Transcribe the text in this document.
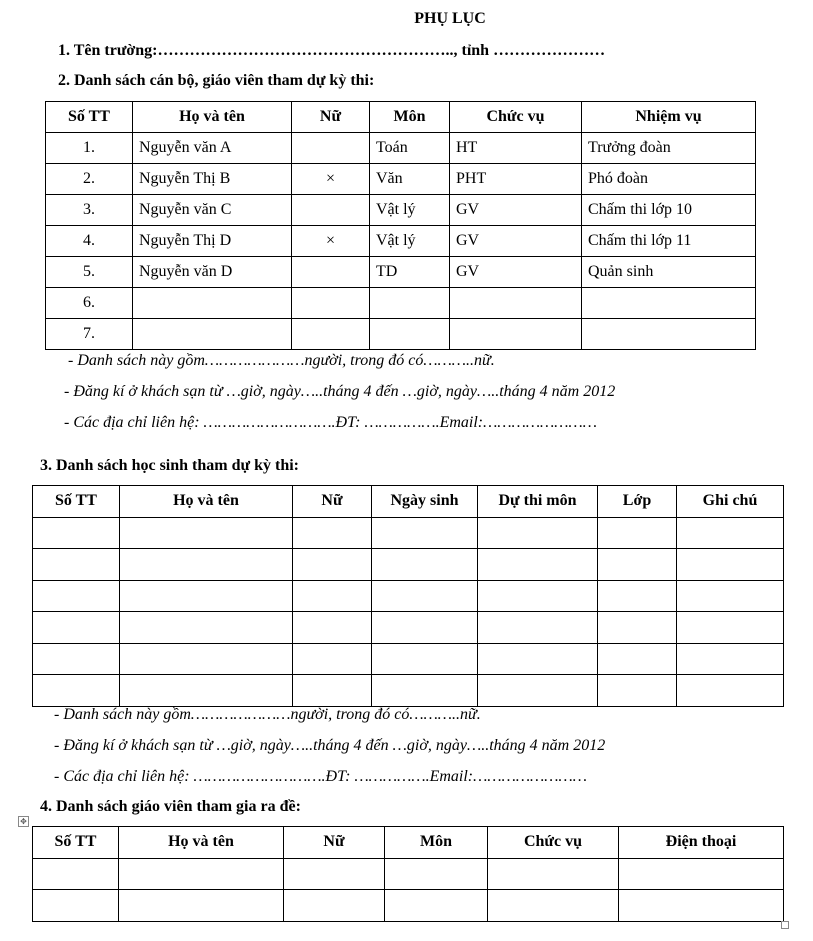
PHỤ LỤC
1. Tên trường:……………………………………………….., tỉnh …………………
2. Danh sách cán bộ, giáo viên tham dự kỳ thi:
Số TT	Họ và tên	Nữ	Môn	Chức vụ	Nhiệm vụ
1.	Nguyễn văn A		Toán	HT	Trưởng đoàn
2.	Nguyễn Thị B	×	Văn	PHT	Phó đoàn
3.	Nguyễn văn C		Vật lý	GV	Chấm thi lớp 10
4.	Nguyễn Thị D	×	Vật lý	GV	Chấm thi lớp 11
5.	Nguyễn văn D		TD	GV	Quản sinh
6.					
7.					
- Danh sách này gồm…………………người, trong đó có………..nữ.
- Đăng kí ở khách sạn từ …giờ, ngày…..tháng 4 đến …giờ, ngày…..tháng 4 năm 2012
- Các địa chỉ liên hệ: ……………………….ĐT: …………….Email:……………………
3. Danh sách học sinh tham dự kỳ thi:
Số TT	Họ và tên	Nữ	Ngày sinh	Dự thi môn	Lớp	Ghi chú

- Danh sách này gồm…………………người, trong đó có………..nữ.
- Đăng kí ở khách sạn từ …giờ, ngày…..tháng 4 đến …giờ, ngày…..tháng 4 năm 2012
- Các địa chỉ liên hệ: ……………………….ĐT: …………….Email:……………………
4. Danh sách giáo viên tham gia ra đề:
✥
Số TT	Họ và tên	Nữ	Môn	Chức vụ	Điện thoại
